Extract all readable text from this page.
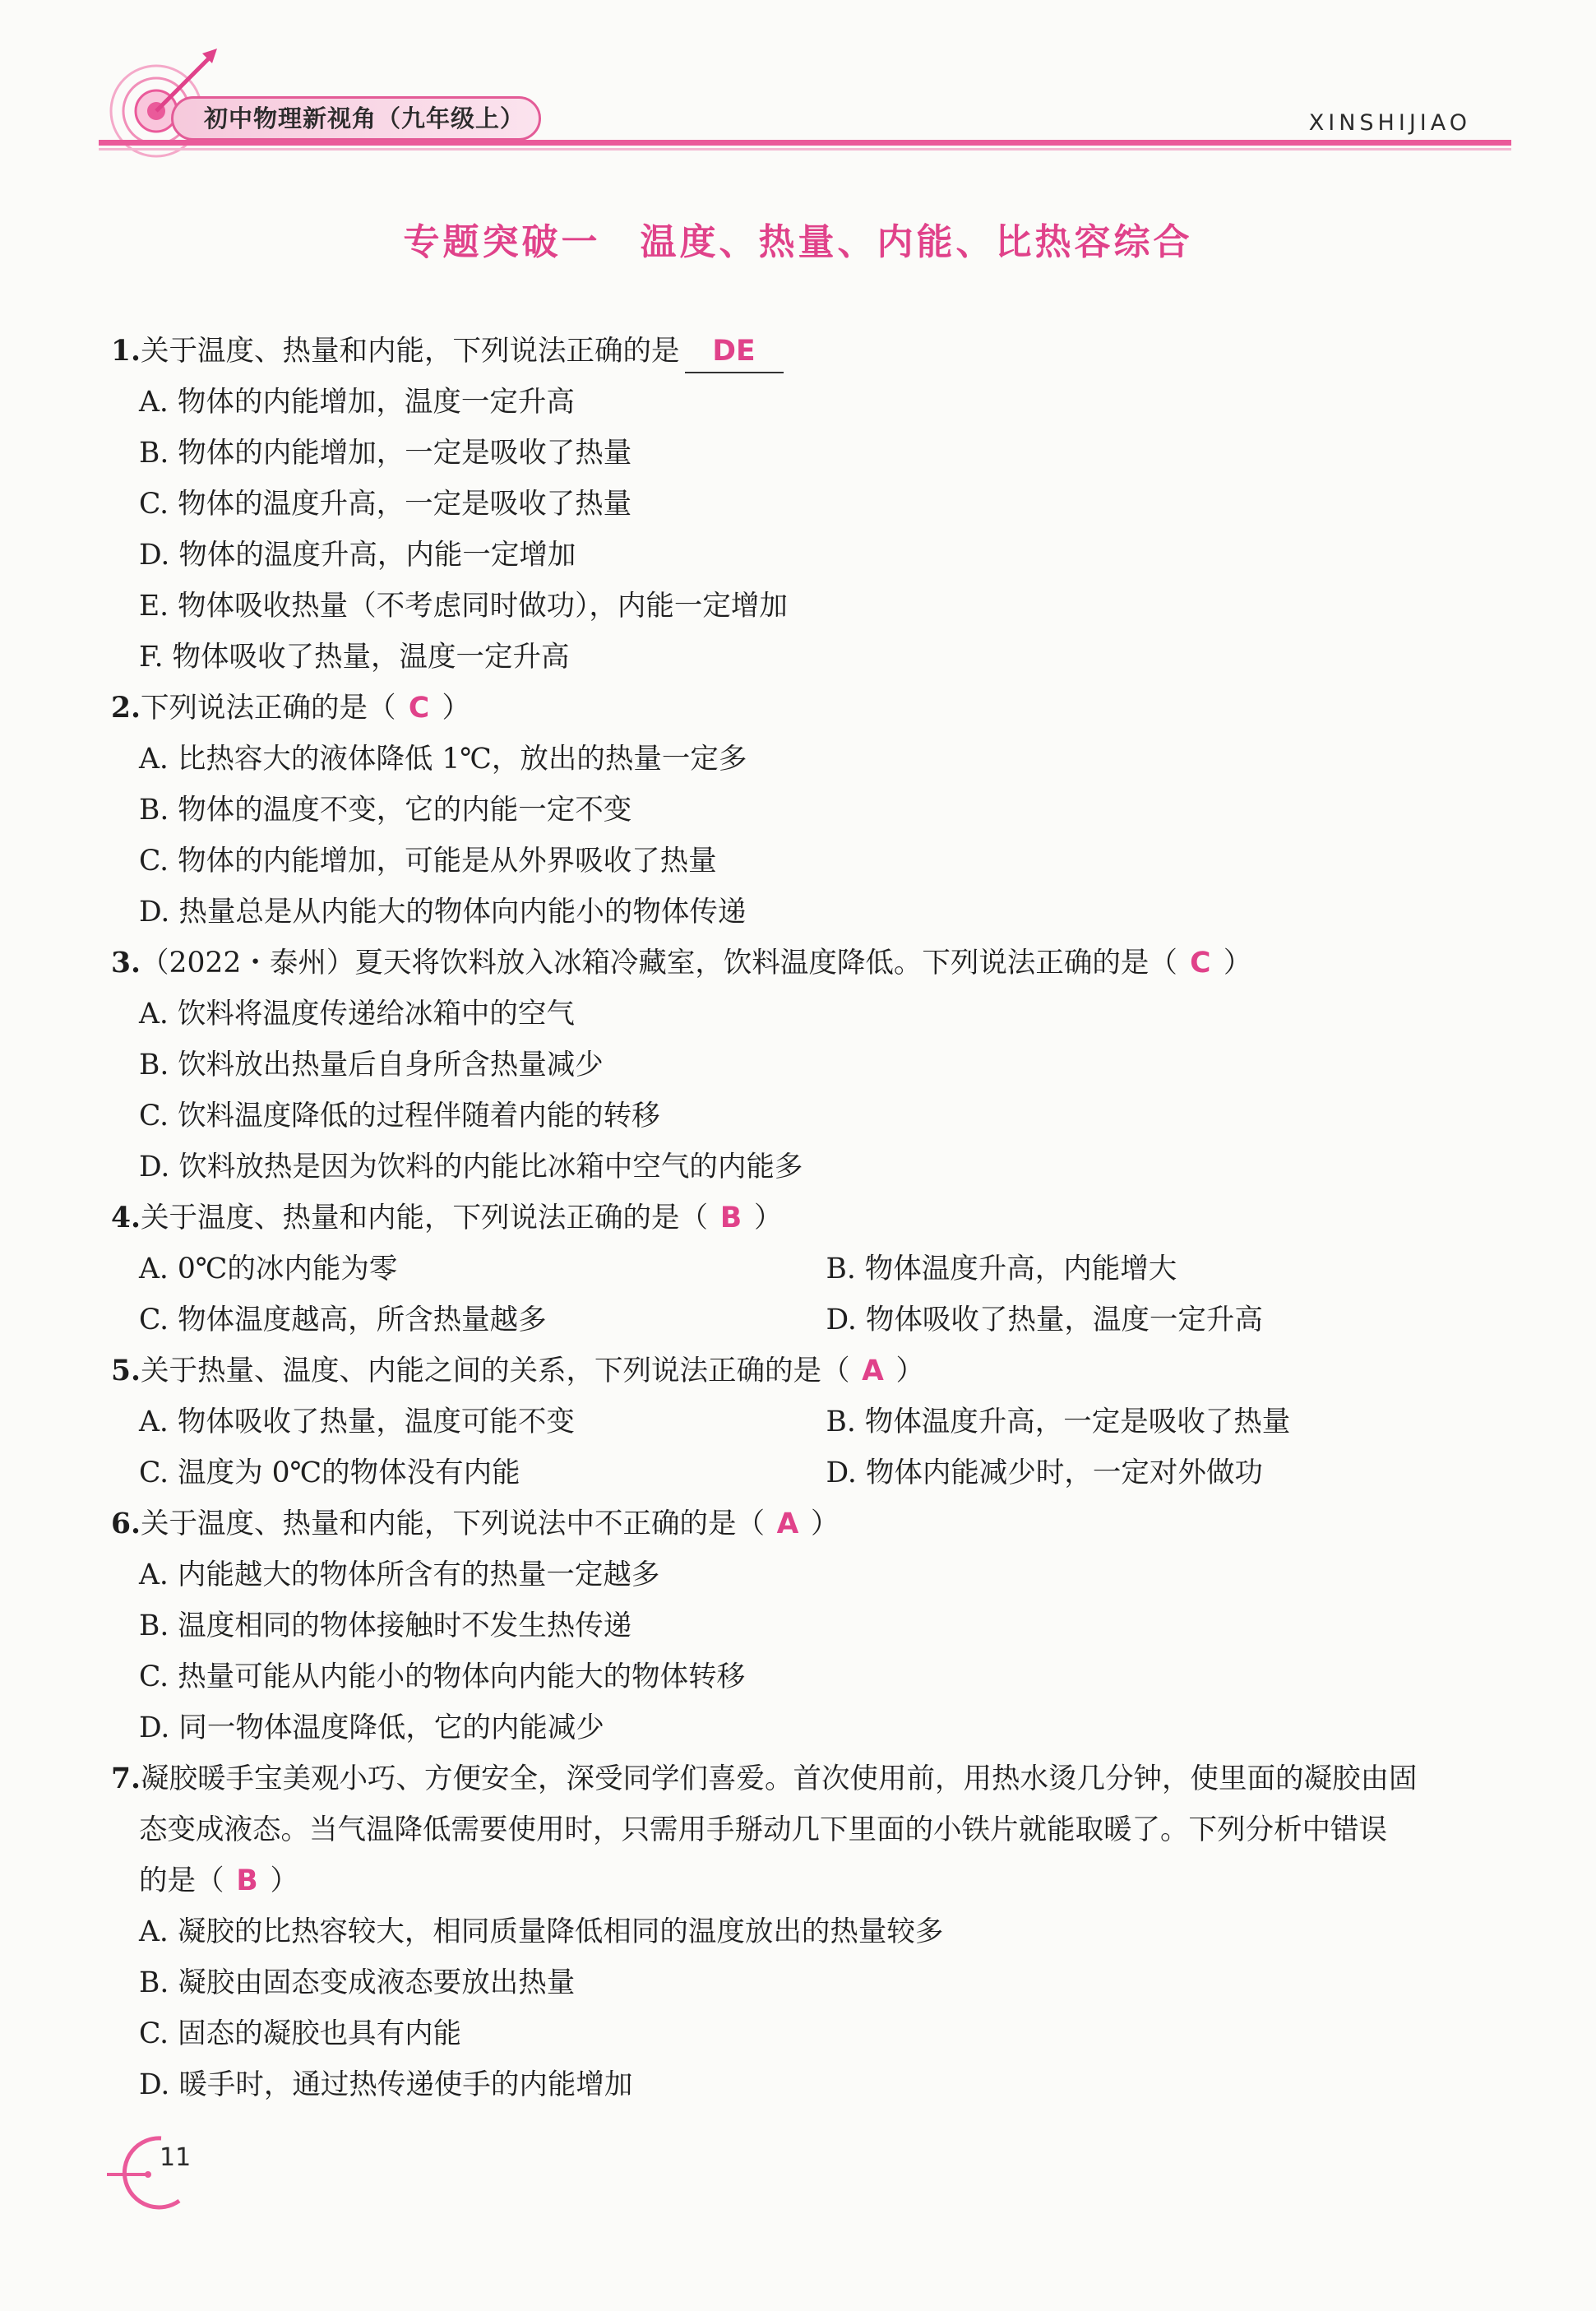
初中物理新视角（九年级上）	XINSHIJIAO
专题突破一　温度、热量、内能、比热容综合
1.关于温度、热量和内能，下列说法正确的是 DE
A. 物体的内能增加，温度一定升高
B. 物体的内能增加，一定是吸收了热量
C. 物体的温度升高，一定是吸收了热量
D. 物体的温度升高，内能一定增加
E. 物体吸收热量（不考虑同时做功），内能一定增加
F. 物体吸收了热量，温度一定升高
2.下列说法正确的是（ C ）
A. 比热容大的液体降低 1℃，放出的热量一定多
B. 物体的温度不变，它的内能一定不变
C. 物体的内能增加，可能是从外界吸收了热量
D. 热量总是从内能大的物体向内能小的物体传递
3.（2022・泰州）夏天将饮料放入冰箱冷藏室，饮料温度降低。下列说法正确的是（ C ）
A. 饮料将温度传递给冰箱中的空气
B. 饮料放出热量后自身所含热量减少
C. 饮料温度降低的过程伴随着内能的转移
D. 饮料放热是因为饮料的内能比冰箱中空气的内能多
4.关于温度、热量和内能，下列说法正确的是（ B ）
A. 0℃的冰内能为零	B. 物体温度升高，内能增大
C. 物体温度越高，所含热量越多	D. 物体吸收了热量，温度一定升高
5.关于热量、温度、内能之间的关系，下列说法正确的是（ A ）
A. 物体吸收了热量，温度可能不变	B. 物体温度升高，一定是吸收了热量
C. 温度为 0℃的物体没有内能	D. 物体内能减少时，一定对外做功
6.关于温度、热量和内能，下列说法中不正确的是（ A ）
A. 内能越大的物体所含有的热量一定越多
B. 温度相同的物体接触时不发生热传递
C. 热量可能从内能小的物体向内能大的物体转移
D. 同一物体温度降低，它的内能减少
7.凝胶暖手宝美观小巧、方便安全，深受同学们喜爱。首次使用前，用热水烫几分钟，使里面的凝胶由固
态变成液态。当气温降低需要使用时，只需用手掰动几下里面的小铁片就能取暖了。下列分析中错误
的是（ B ）
A. 凝胶的比热容较大，相同质量降低相同的温度放出的热量较多
B. 凝胶由固态变成液态要放出热量
C. 固态的凝胶也具有内能
D. 暖手时，通过热传递使手的内能增加
11
